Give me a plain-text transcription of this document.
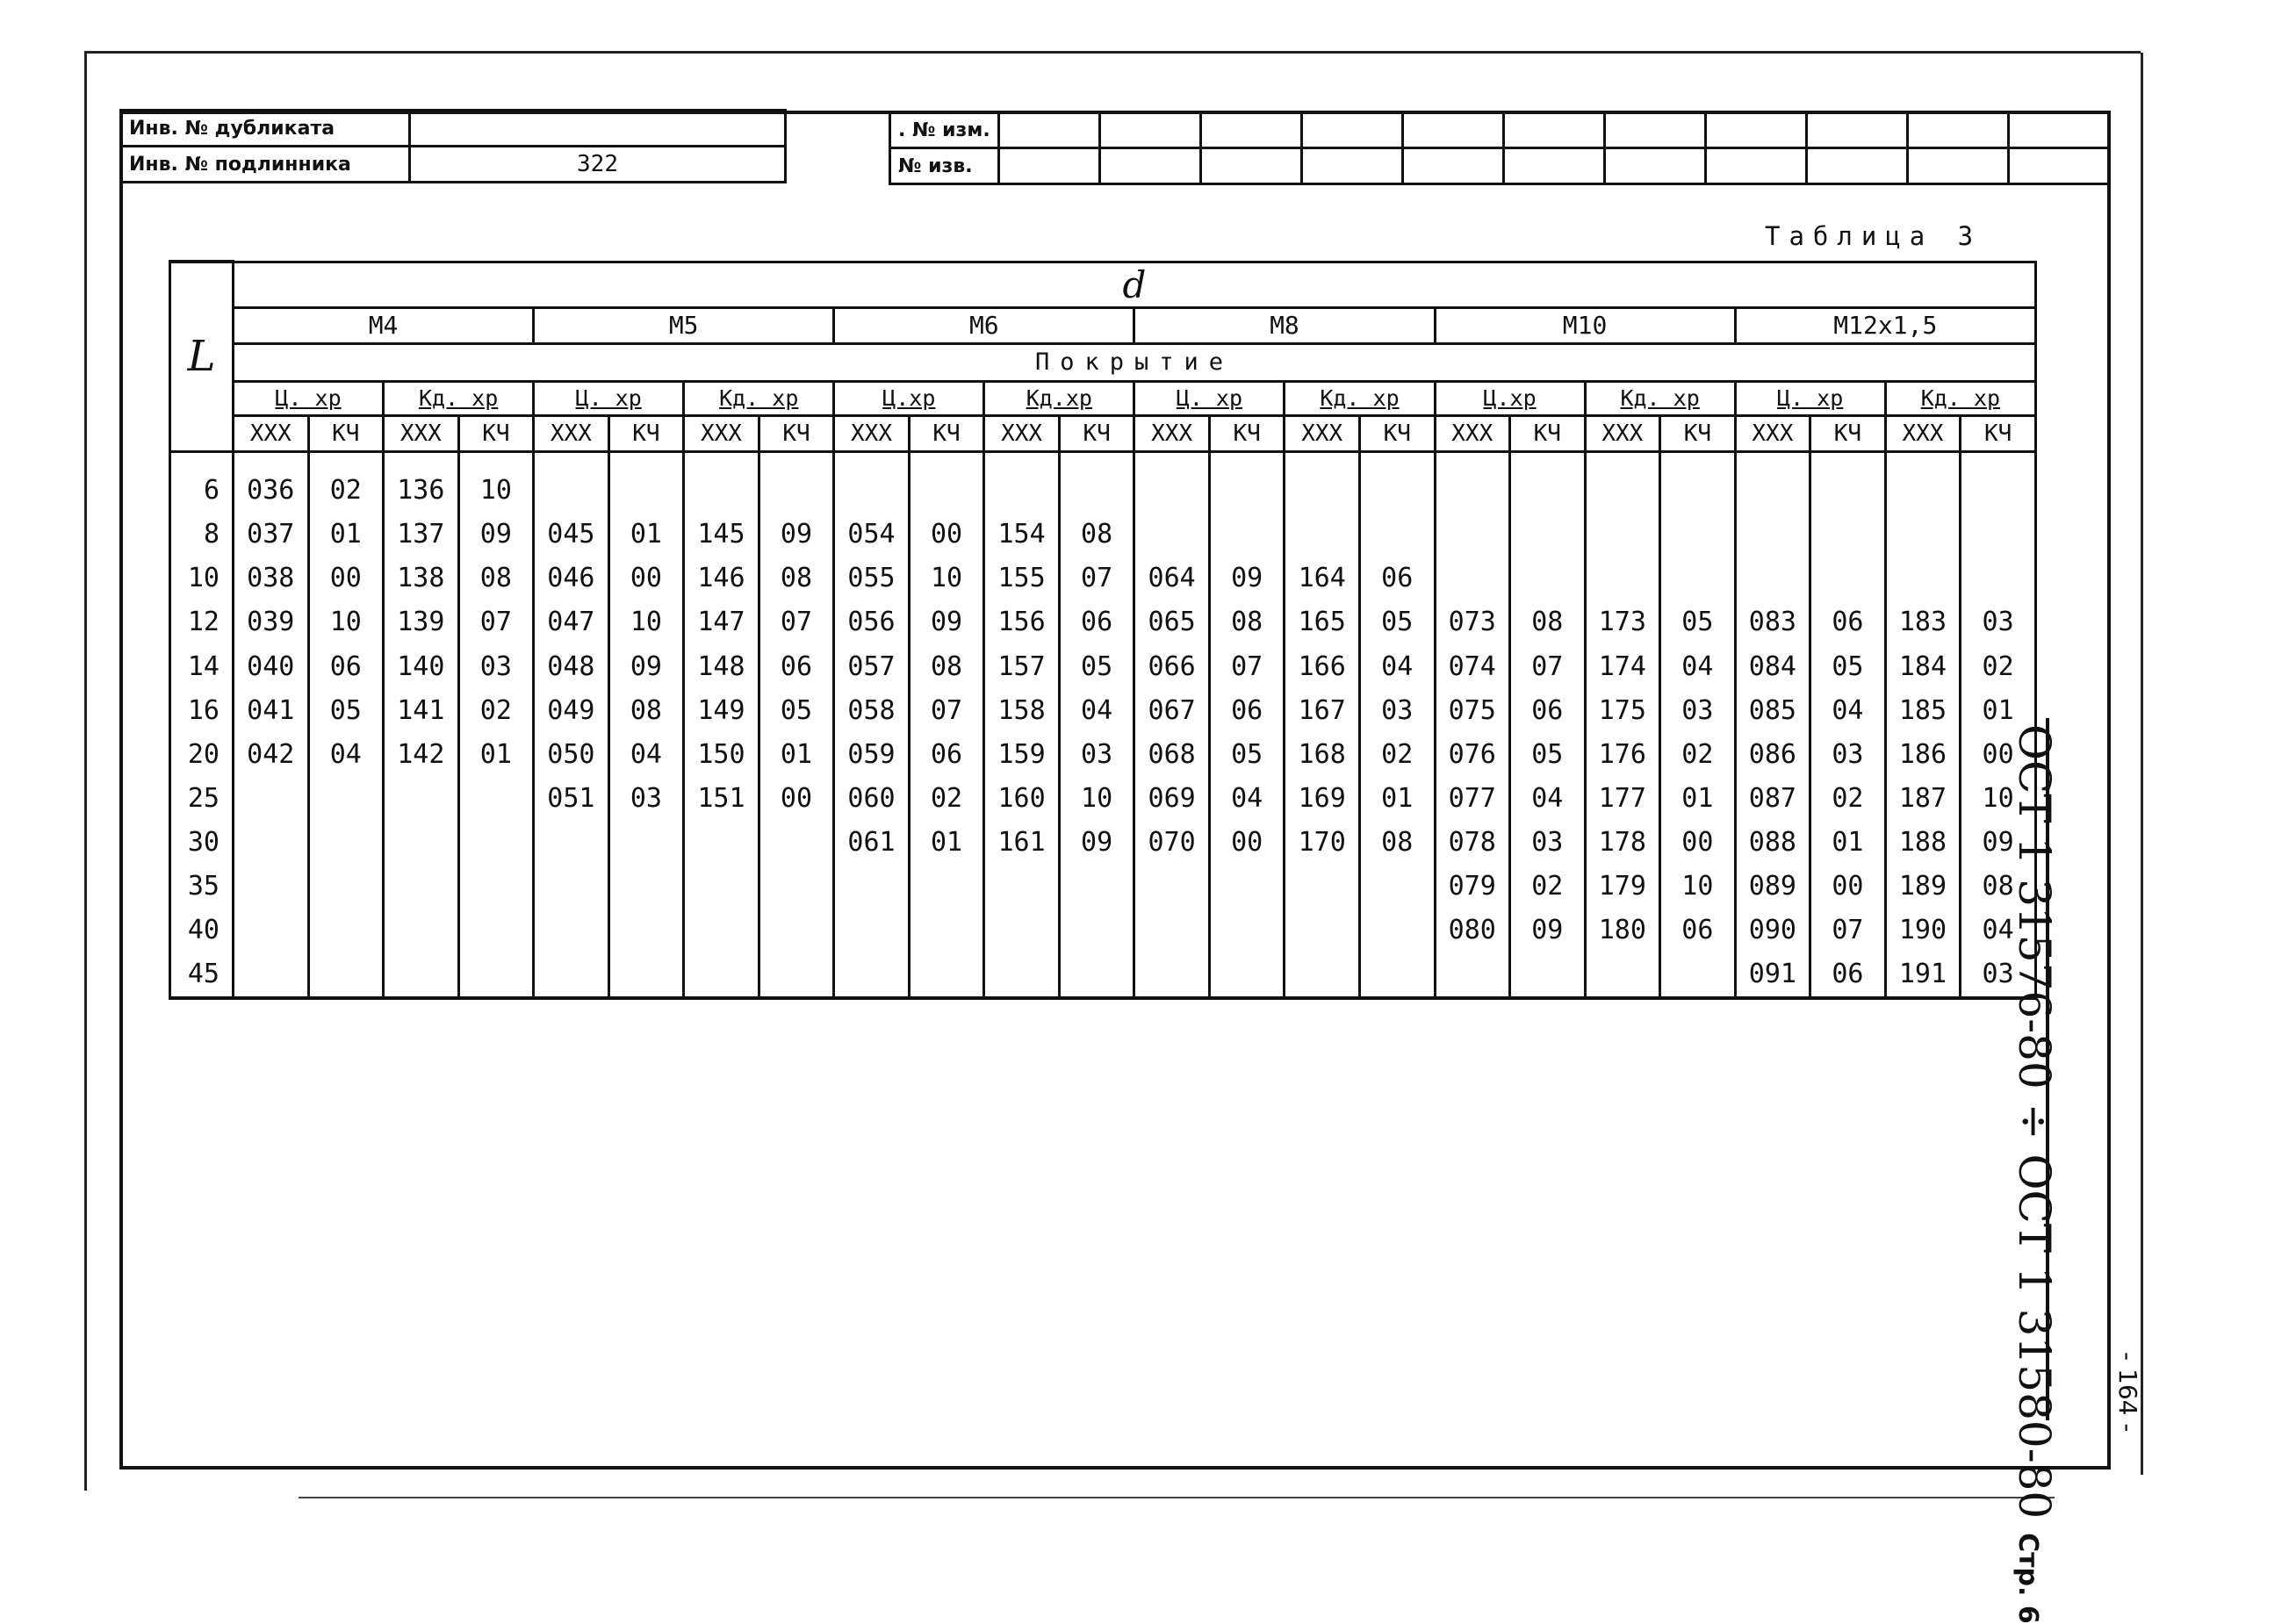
Инв. № дубликата	
Инв. № подлинника	322
. № изм.											
№ изв.											
Таблица 3
L	d																							
	M4				M5				M6				M8				M10				M12x1,5			
	Покрытие																							
	Ц. хр		Кд. хр		Ц. хр		Кд. хр		Ц.хр		Кд.хр		Ц. хр		Кд. хр		Ц.хр		Кд. хр		Ц. хр		Кд. хр	
	XXX	КЧ	XXX	КЧ	XXX	КЧ	XXX	КЧ	XXX	КЧ	XXX	КЧ	XXX	КЧ	XXX	КЧ	XXX	КЧ	XXX	КЧ	XXX	КЧ	XXX	КЧ
6	036	02	136	10																				
8	037	01	137	09	045	01	145	09	054	00	154	08												
10	038	00	138	08	046	00	146	08	055	10	155	07	064	09	164	06								
12	039	10	139	07	047	10	147	07	056	09	156	06	065	08	165	05	073	08	173	05	083	06	183	03
14	040	06	140	03	048	09	148	06	057	08	157	05	066	07	166	04	074	07	174	04	084	05	184	02
16	041	05	141	02	049	08	149	05	058	07	158	04	067	06	167	03	075	06	175	03	085	04	185	01
20	042	04	142	01	050	04	150	01	059	06	159	03	068	05	168	02	076	05	176	02	086	03	186	00
25					051	03	151	00	060	02	160	10	069	04	169	01	077	04	177	01	087	02	187	10
30									061	01	161	09	070	00	170	08	078	03	178	00	088	01	188	09
35																	079	02	179	10	089	00	189	08
40																	080	09	180	06	090	07	190	04
45																					091	06	191	03
ОСТ 1 31576-80 ÷ ОСТ 1 31580-80 Стр. 6
- 164 -
